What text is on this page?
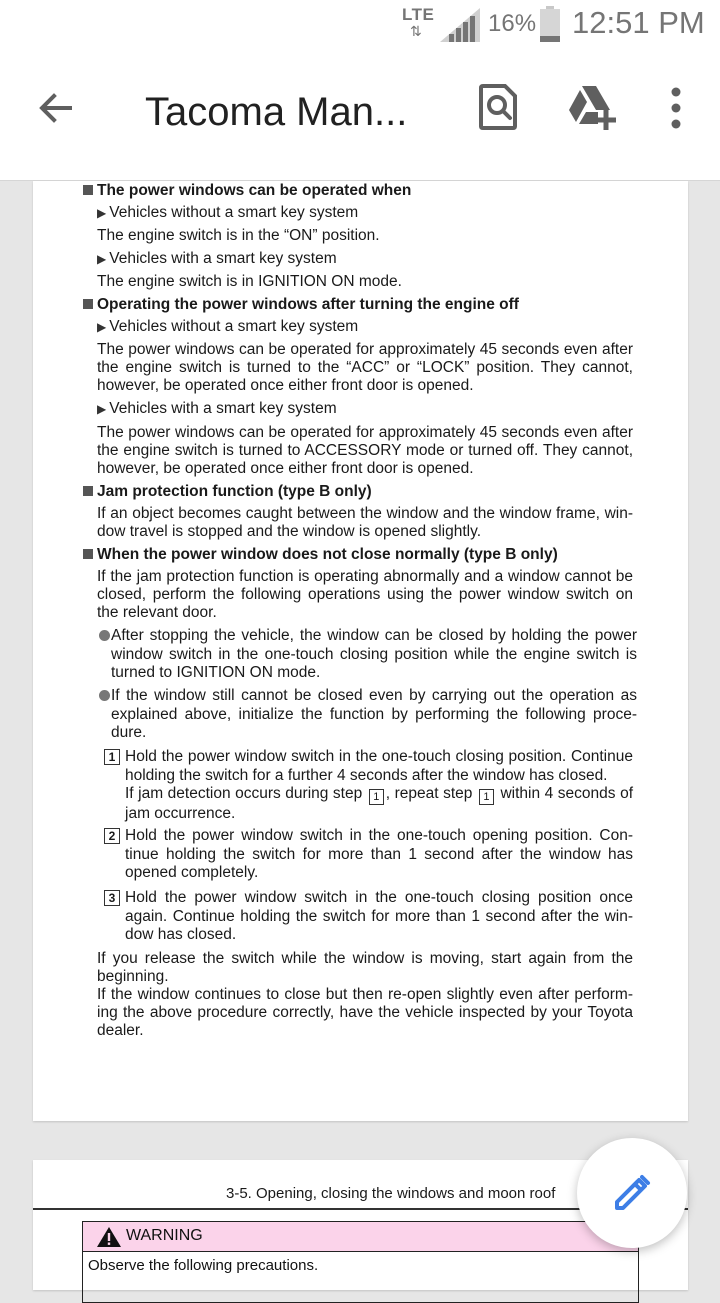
LTE
⇅	16% 12:51 PM
Tacoma Man...
The power windows can be operated when
▶ Vehicles without a smart key system
The engine switch is in the “ON” position.
▶ Vehicles with a smart key system
The engine switch is in IGNITION ON mode.
Operating the power windows after turning the engine off
▶ Vehicles without a smart key system
The power windows can be operated for approximately 45 seconds even after the engine switch is turned to the “ACC” or “LOCK” position. They cannot, however, be operated once either front door is opened.
▶ Vehicles with a smart key system
The power windows can be operated for approximately 45 seconds even after the engine switch is turned to ACCESSORY mode or turned off. They cannot, however, be operated once either front door is opened.
Jam protection function (type B only)
If an object becomes caught between the window and the window frame, window travel is stopped and the window is opened slightly.
When the power window does not close normally (type B only)
If the jam protection function is operating abnormally and a window cannot be closed, perform the following operations using the power window switch on the relevant door.
After stopping the vehicle, the window can be closed by holding the power window switch in the one-touch closing position while the engine switch is turned to IGNITION ON mode.
If the window still cannot be closed even by carrying out the operation as explained above, initialize the function by performing the following procedure.
1 Hold the power window switch in the one-touch closing position. Continue holding the switch for a further 4 seconds after the window has closed.
If jam detection occurs during step 1 , repeat step 1 within 4 seconds of jam occurrence.
2 Hold the power window switch in the one-touch opening position. Continue holding the switch for more than 1 second after the window has opened completely.
3 Hold the power window switch in the one-touch closing position once again. Continue holding the switch for more than 1 second after the window has closed.
If you release the switch while the window is moving, start again from the beginning.
If the window continues to close but then re-open slightly even after performing the above procedure correctly, have the vehicle inspected by your Toyota dealer.
3-5. Opening, closing the windows and moon roof
WARNING
Observe the following precautions.
